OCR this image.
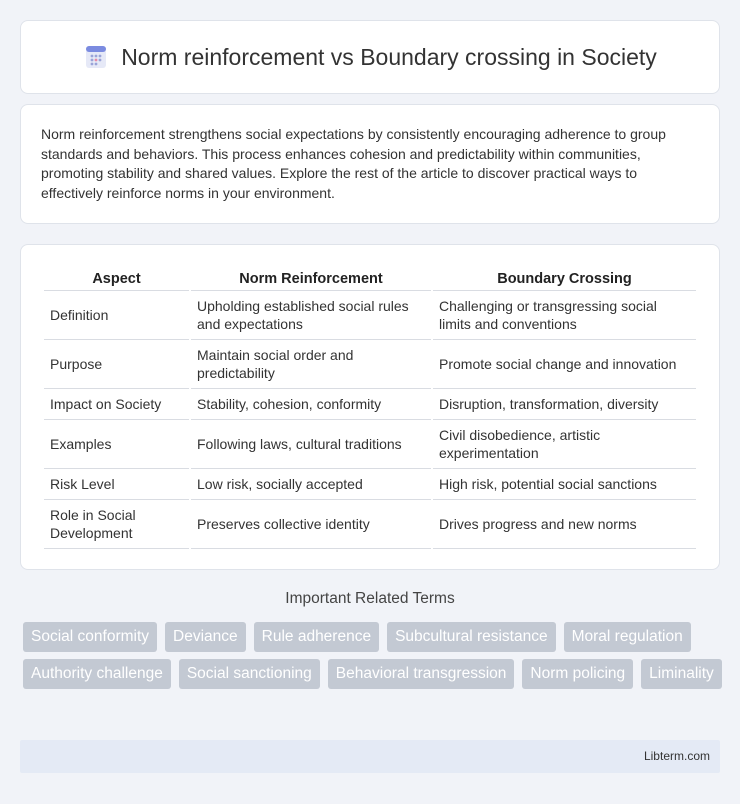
Norm reinforcement vs Boundary crossing in Society

Norm reinforcement strengthens social expectations by consistently encouraging adherence to group standards and behaviors. This process enhances cohesion and predictability within communities, promoting stability and shared values. Explore the rest of the article to discover practical ways to effectively reinforce norms in your environment.

Aspect	Norm Reinforcement	Boundary Crossing
Definition	Upholding established social rules and expectations	Challenging or transgressing social limits and conventions
Purpose	Maintain social order and predictability	Promote social change and innovation
Impact on Society	Stability, cohesion, conformity	Disruption, transformation, diversity
Examples	Following laws, cultural traditions	Civil disobedience, artistic experimentation
Risk Level	Low risk, socially accepted	High risk, potential social sanctions
Role in Social Development	Preserves collective identity	Drives progress and new norms
Important Related Terms
Social conformity	Deviance	Rule adherence	Subcultural resistance	Moral regulation
Authority challenge	Social sanctioning	Behavioral transgression	Norm policing	Liminality
Libterm.com
